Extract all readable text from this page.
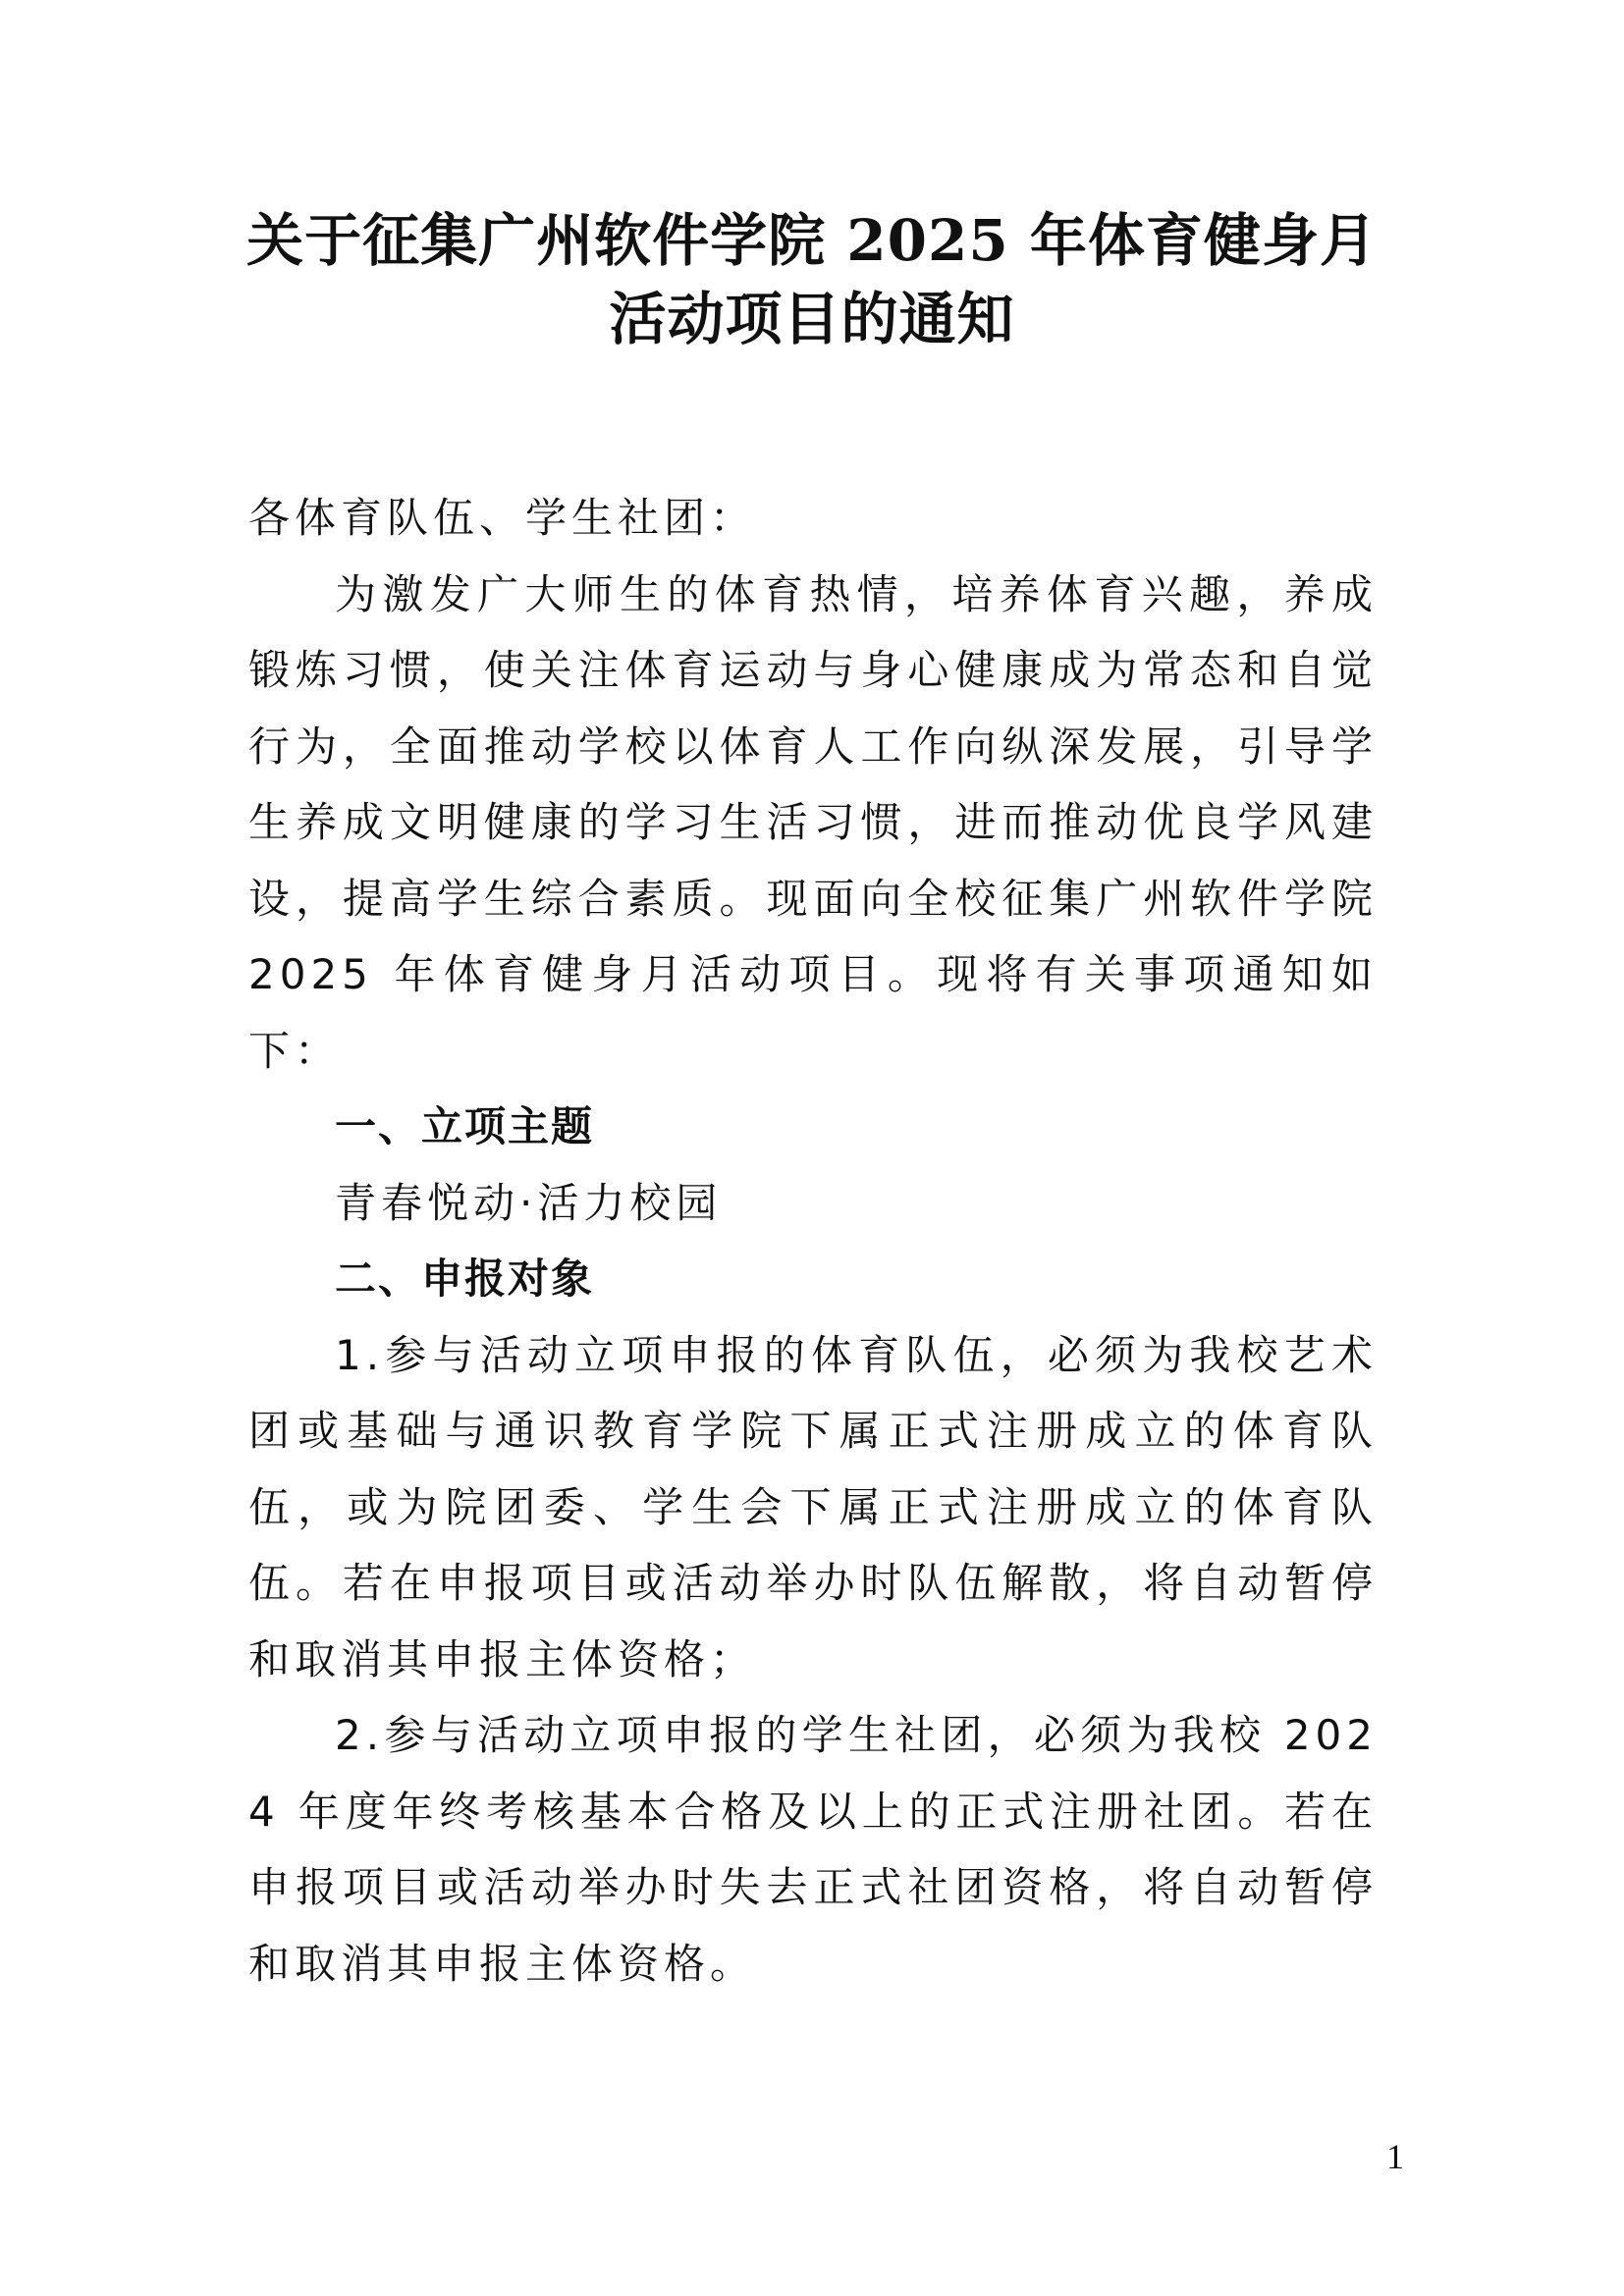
关于征集广州软件学院 2025 年体育健身月
活动项目的通知

各体育队伍、学生社团：

为激发广大师生的体育热情，培养体育兴趣，养成锻炼习惯，使关注体育运动与身心健康成为常态和自觉行为，全面推动学校以体育人工作向纵深发展，引导学生养成文明健康的学习生活习惯，进而推动优良学风建设，提高学生综合素质。现面向全校征集广州软件学院 2025 年体育健身月活动项目。现将有关事项通知如下：

一、立项主题

青春悦动·活力校园

二、申报对象

1.参与活动立项申报的体育队伍，必须为我校艺术团或基础与通识教育学院下属正式注册成立的体育队伍，或为院团委、学生会下属正式注册成立的体育队伍。若在申报项目或活动举办时队伍解散，将自动暂停和取消其申报主体资格；

2.参与活动立项申报的学生社团，必须为我校 2024 年度年终考核基本合格及以上的正式注册社团。若在申报项目或活动举办时失去正式社团资格，将自动暂停和取消其申报主体资格。

1
